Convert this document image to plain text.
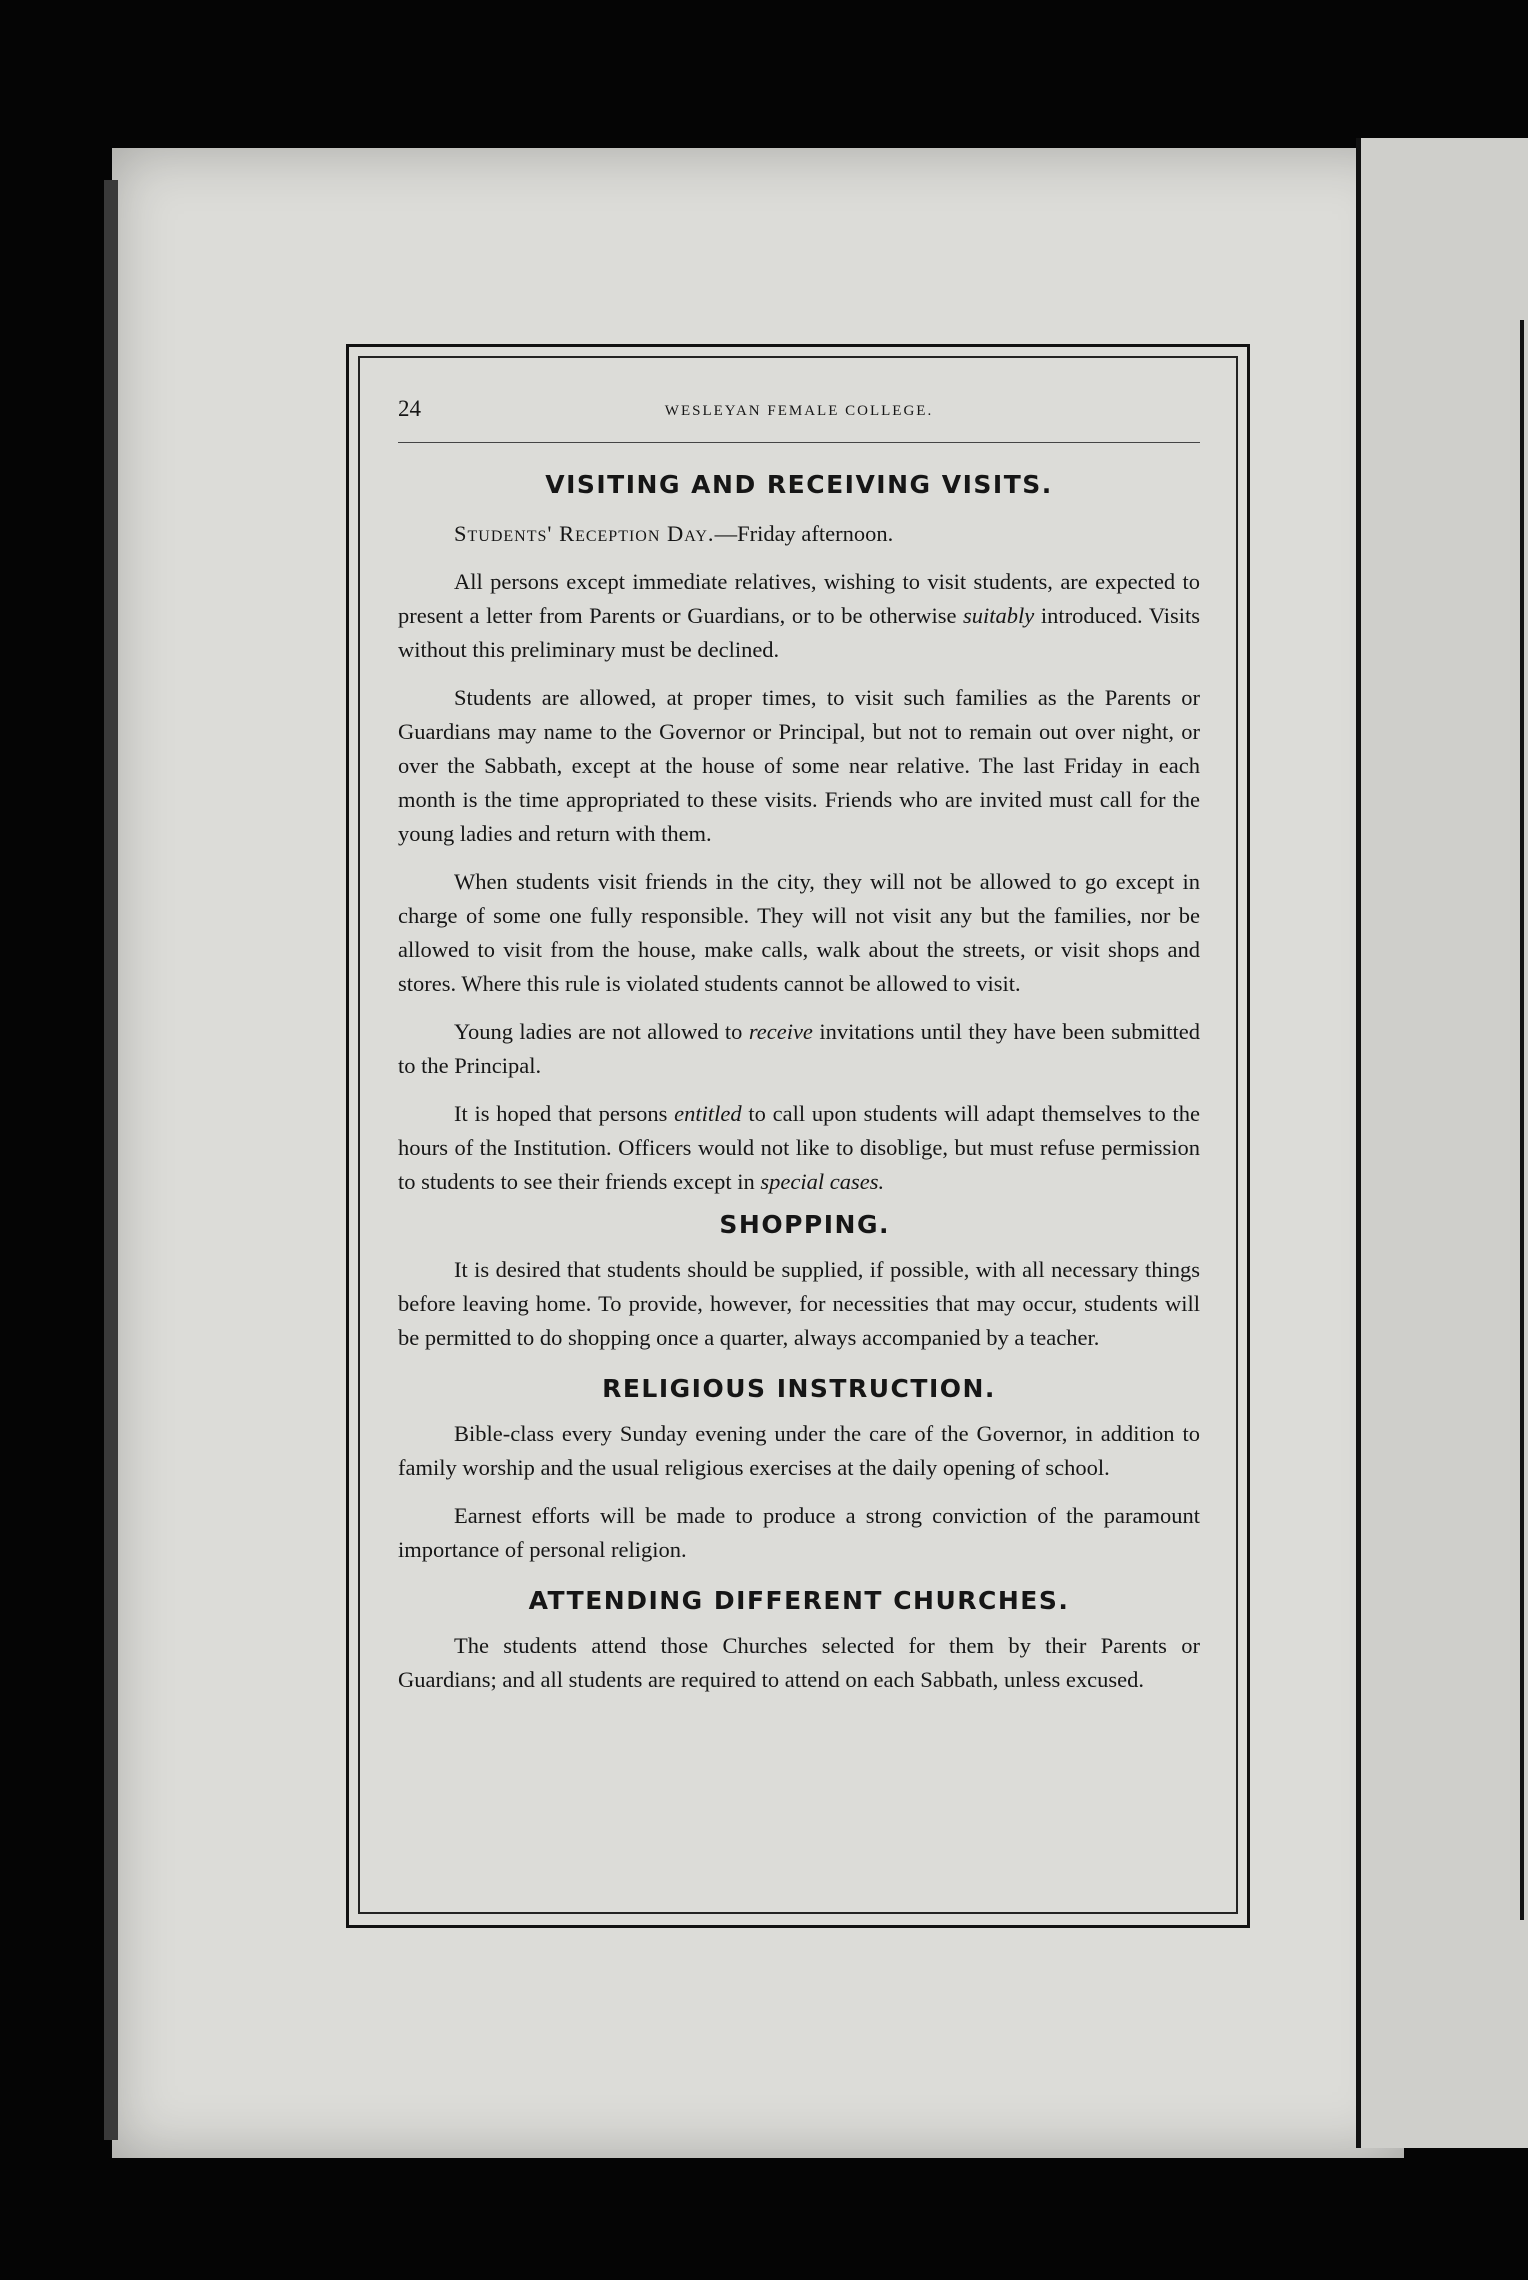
24	WESLEYAN FEMALE COLLEGE.
VISITING AND RECEIVING VISITS.

Students' Reception Day.—Friday afternoon.

All persons except immediate relatives, wishing to visit students, are expected to present a letter from Parents or Guardians, or to be otherwise suitably introduced. Visits without this preliminary must be declined.

Students are allowed, at proper times, to visit such families as the Parents or Guardians may name to the Governor or Principal, but not to remain out over night, or over the Sabbath, except at the house of some near relative. The last Friday in each month is the time appropriated to these visits. Friends who are invited must call for the young ladies and return with them.

When students visit friends in the city, they will not be allowed to go except in charge of some one fully responsible. They will not visit any but the families, nor be allowed to visit from the house, make calls, walk about the streets, or visit shops and stores. Where this rule is violated students cannot be allowed to visit.

Young ladies are not allowed to receive invitations until they have been submitted to the Principal.

It is hoped that persons entitled to call upon students will adapt themselves to the hours of the Institution. Officers would not like to disoblige, but must refuse permission to students to see their friends except in special cases.

SHOPPING.

It is desired that students should be supplied, if possible, with all necessary things before leaving home. To provide, however, for necessities that may occur, students will be permitted to do shopping once a quarter, always accompanied by a teacher.

RELIGIOUS INSTRUCTION.

Bible-class every Sunday evening under the care of the Governor, in addition to family worship and the usual religious exercises at the daily opening of school.

Earnest efforts will be made to produce a strong conviction of the paramount importance of personal religion.

ATTENDING DIFFERENT CHURCHES.

The students attend those Churches selected for them by their Parents or Guardians; and all students are required to attend on each Sabbath, unless excused.
